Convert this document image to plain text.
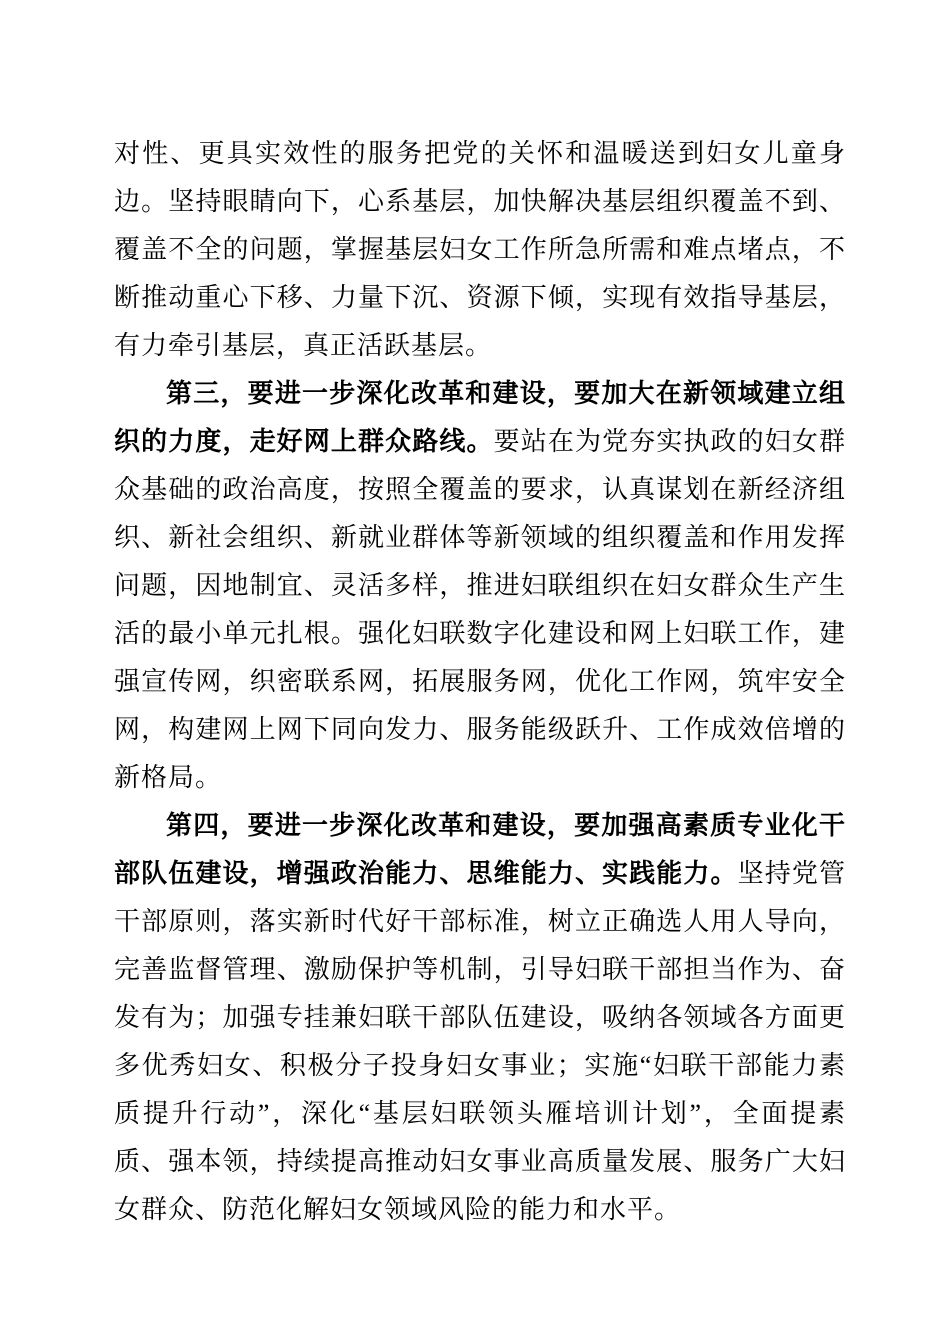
对性、更具实效性的服务把党的关怀和温暖送到妇女儿童身边。坚持眼睛向下，心系基层，加快解决基层组织覆盖不到、覆盖不全的问题，掌握基层妇女工作所急所需和难点堵点，不断推动重心下移、力量下沉、资源下倾，实现有效指导基层，有力牵引基层，真正活跃基层。

第三，要进一步深化改革和建设，要加大在新领域建立组织的力度，走好网上群众路线。要站在为党夯实执政的妇女群众基础的政治高度，按照全覆盖的要求，认真谋划在新经济组织、新社会组织、新就业群体等新领域的组织覆盖和作用发挥问题，因地制宜、灵活多样，推进妇联组织在妇女群众生产生活的最小单元扎根。强化妇联数字化建设和网上妇联工作，建强宣传网，织密联系网，拓展服务网，优化工作网，筑牢安全网，构建网上网下同向发力、服务能级跃升、工作成效倍增的新格局。

第四，要进一步深化改革和建设，要加强高素质专业化干部队伍建设，增强政治能力、思维能力、实践能力。坚持党管干部原则，落实新时代好干部标准，树立正确选人用人导向，完善监督管理、激励保护等机制，引导妇联干部担当作为、奋发有为；加强专挂兼妇联干部队伍建设，吸纳各领域各方面更多优秀妇女、积极分子投身妇女事业；实施“妇联干部能力素质提升行动”，深化“基层妇联领头雁培训计划”，全面提素质、强本领，持续提高推动妇女事业高质量发展、服务广大妇女群众、防范化解妇女领域风险的能力和水平。
